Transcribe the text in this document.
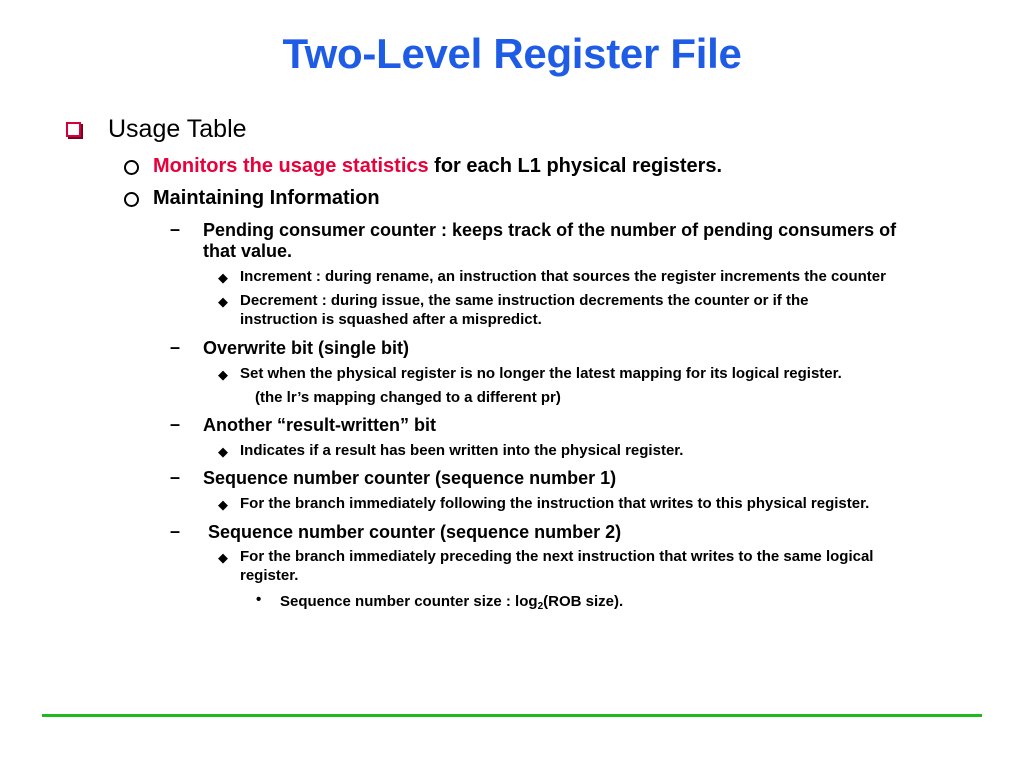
Two-Level Register File
Usage Table
Monitors the usage statistics for each L1 physical registers.
Maintaining Information
– Pending consumer counter : keeps track of the number of pending consumers of
that value.
◆ Increment : during rename, an instruction that sources the register increments the counter
◆ Decrement : during issue, the same instruction decrements the counter or if the
instruction is squashed after a mispredict.
– Overwrite bit (single bit)
◆ Set when the physical register is no longer the latest mapping for its logical register.
(the lr’s mapping changed to a different pr)
– Another “result-written” bit
◆ Indicates if a result has been written into the physical register.
– Sequence number counter (sequence number 1)
◆ For the branch immediately following the instruction that writes to this physical register.
– Sequence number counter (sequence number 2)
◆ For the branch immediately preceding the next instruction that writes to the same logical
register.
• Sequence number counter size : $\log_2(ROB$ size).
